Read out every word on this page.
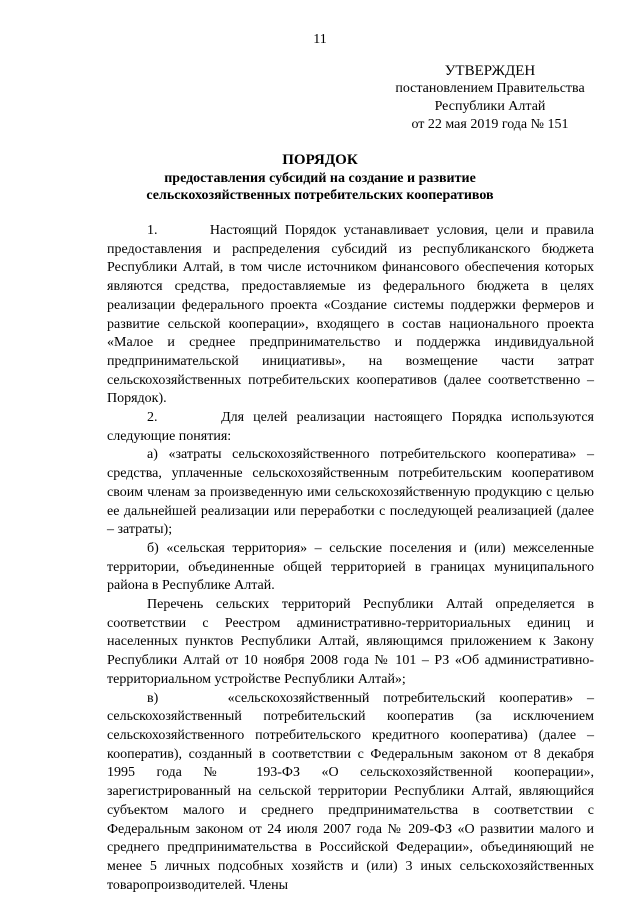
11
УТВЕРЖДЕН
постановлением Правительства
Республики Алтай
от 22 мая 2019 года № 151
ПОРЯДОК
предоставления субсидий на создание и развитие
сельскохозяйственных потребительских кооперативов

1.       Настоящий Порядок устанавливает условия, цели и правила предоставления и распределения субсидий из республиканского бюджета Республики Алтай, в том числе источником финансового обеспечения которых являются средства, предоставляемые из федерального бюджета в целях реализации федерального проекта «Создание системы поддержки фермеров и развитие сельской кооперации», входящего в состав национального проекта «Малое и среднее предпринимательство и поддержка индивидуальной предпринимательской инициативы», на возмещение части затрат сельскохозяйственных потребительских кооперативов (далее соответственно – Порядок).

2.       Для целей реализации настоящего Порядка используются следующие понятия:

а) «затраты сельскохозяйственного потребительского кооператива» – средства, уплаченные сельскохозяйственным потребительским кооперативом своим членам за произведенную ими сельскохозяйственную продукцию с целью ее дальнейшей реализации или переработки с последующей реализацией (далее – затраты);

б) «сельская территория» – сельские поселения и (или) межселенные территории, объединенные общей территорией в границах муниципального района в Республике Алтай.

Перечень сельских территорий Республики Алтай определяется в соответствии с Реестром административно-территориальных единиц и населенных пунктов Республики Алтай, являющимся приложением к Закону Республики Алтай от 10 ноября 2008 года № 101 – РЗ «Об административно-территориальном устройстве Республики Алтай»;

в)     «сельскохозяйственный потребительский кооператив» – сельскохозяйственный потребительский кооператив (за исключением сельскохозяйственного потребительского кредитного кооператива) (далее – кооператив), созданный в соответствии с Федеральным законом от 8 декабря 1995 года № 193-ФЗ «О сельскохозяйственной кооперации», зарегистрированный на сельской территории Республики Алтай, являющийся субъектом малого и среднего предпринимательства в соответствии с Федеральным законом от 24 июля 2007 года № 209-ФЗ «О развитии малого и среднего предпринимательства в Российской Федерации», объединяющий не менее 5 личных подсобных хозяйств и (или) 3 иных сельскохозяйственных товаропроизводителей. Члены
